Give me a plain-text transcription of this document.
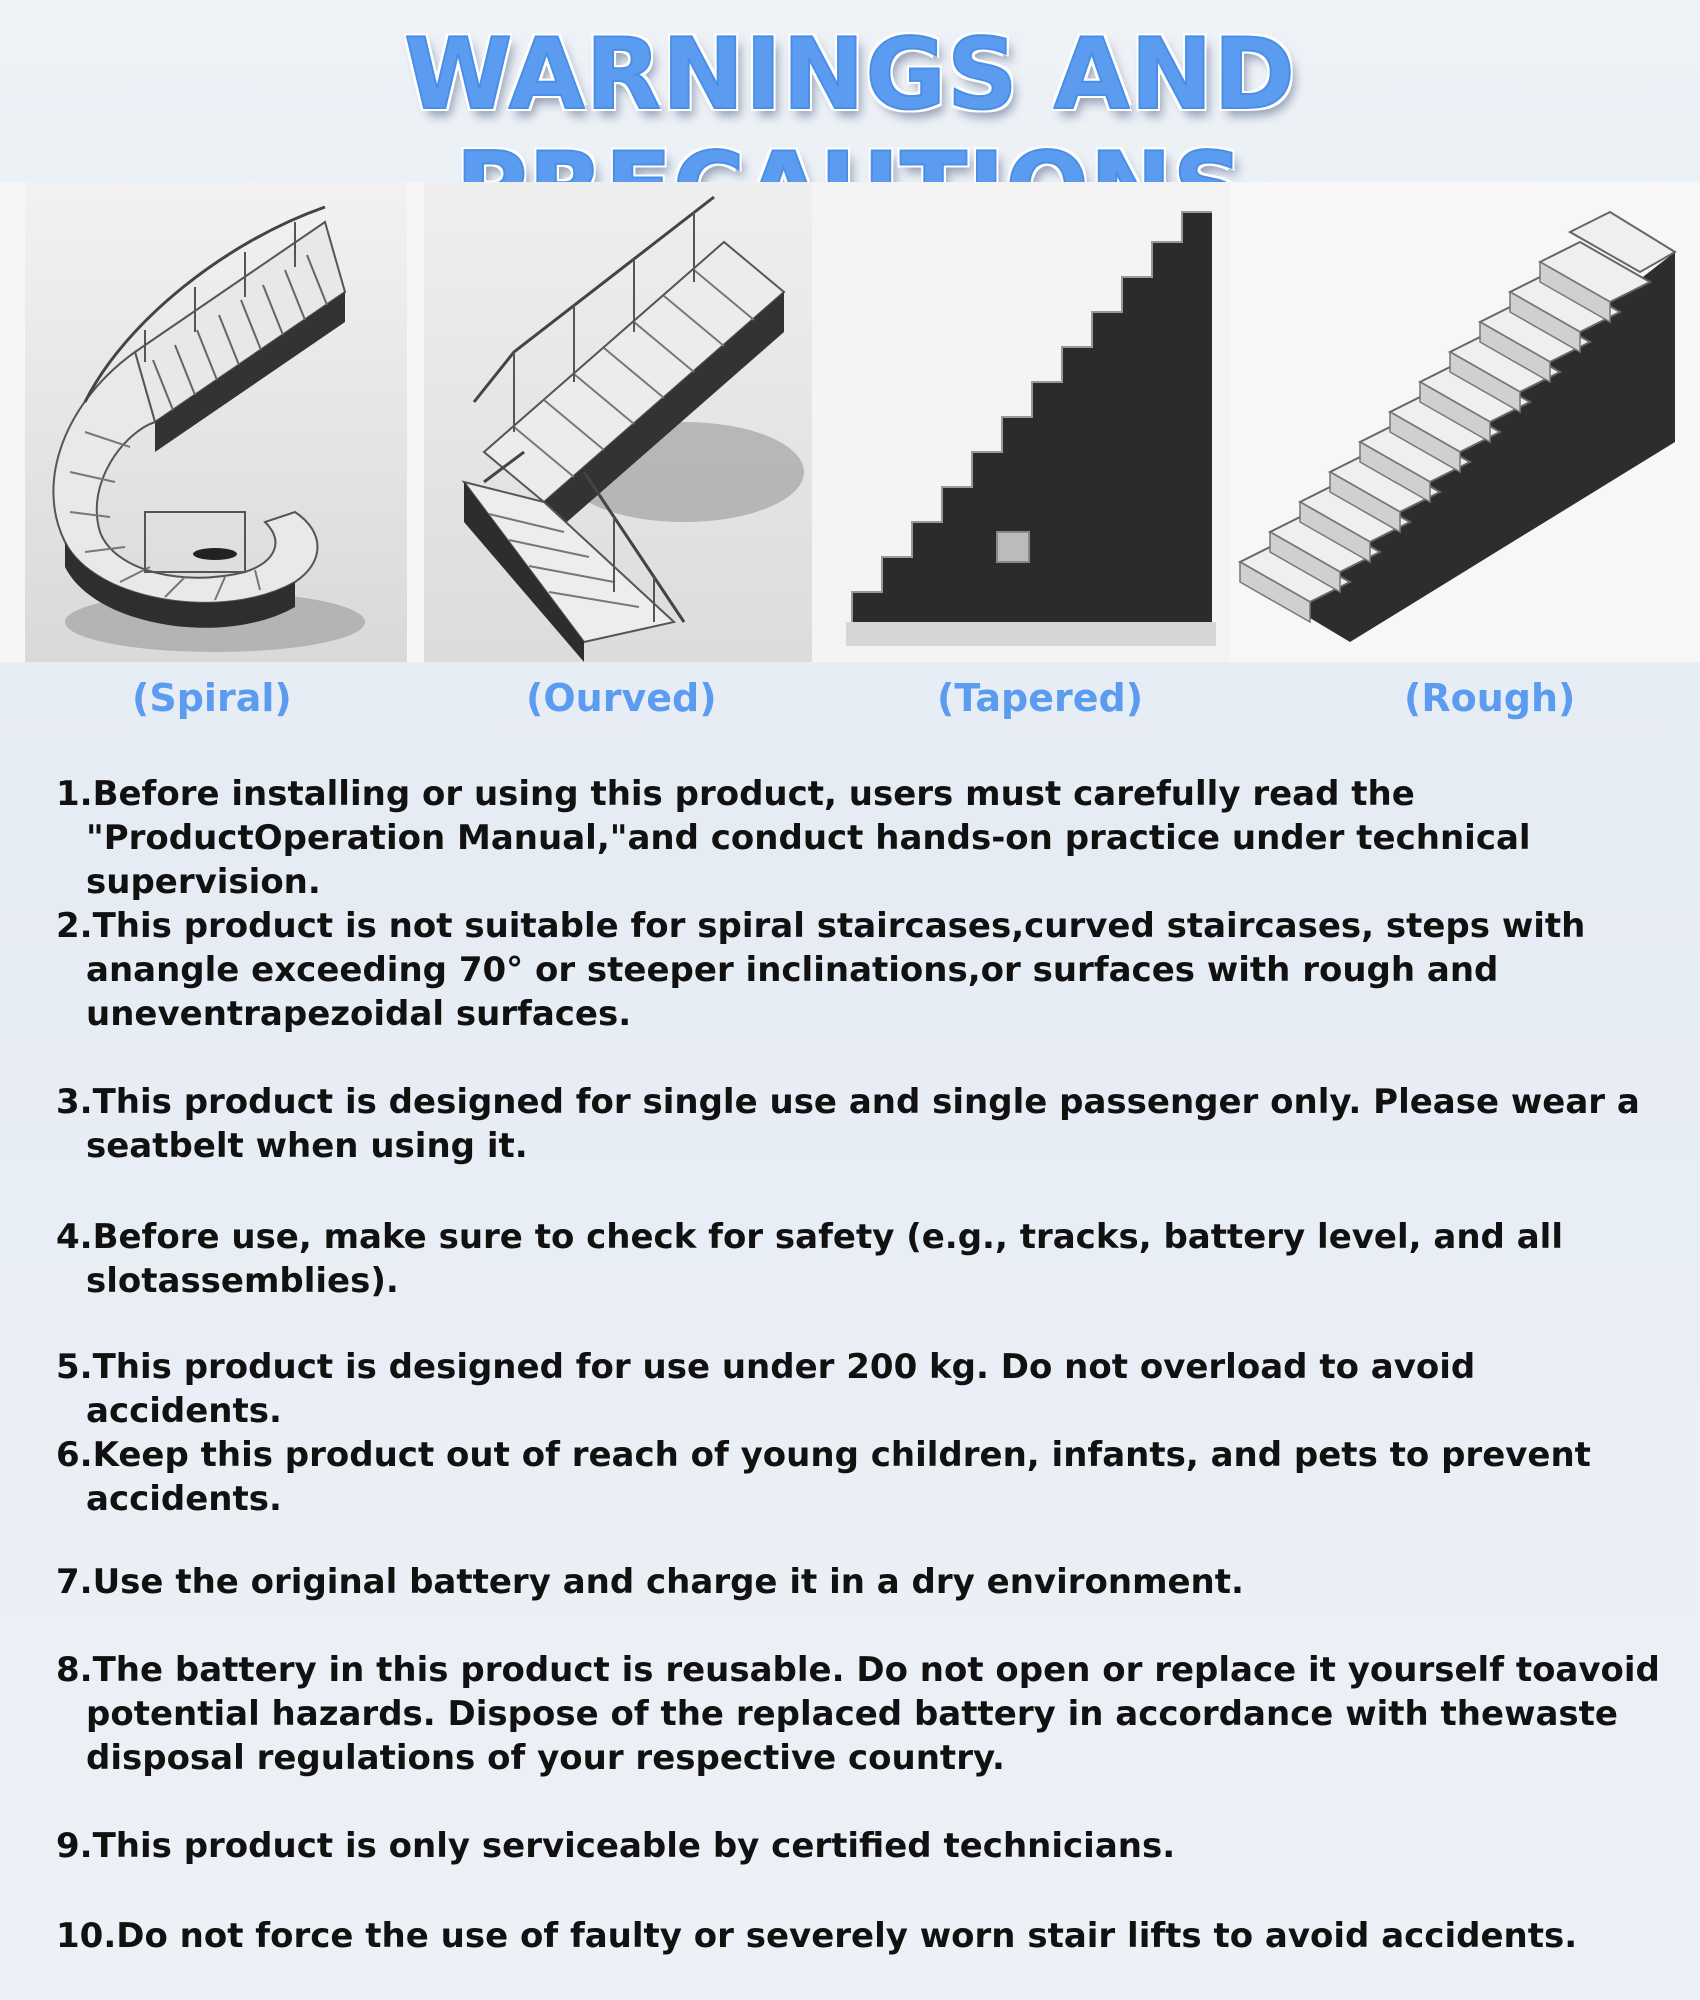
WARNINGS AND
(Spiral)	(Ourved)	(Tapered)	(Rough)
1.Before installing or using this product, users must carefully read the "ProductOperation Manual,"and conduct hands-on practice under technical supervision.
2.This product is not suitable for spiral staircases,curved staircases, steps with anangle exceeding 70° or steeper inclinations,or surfaces with rough and uneventrapezoidal surfaces.
3.This product is designed for single use and single passenger only. Please wear a seatbelt when using it.
4.Before use, make sure to check for safety (e.g., tracks, battery level, and all slotassemblies).
5.This product is designed for use under 200 kg. Do not overload to avoid accidents.
6.Keep this product out of reach of young children, infants, and pets to prevent accidents.
7.Use the original battery and charge it in a dry environment.
8.The battery in this product is reusable. Do not open or replace it yourself toavoid potential hazards. Dispose of the replaced battery in accordance with thewaste disposal regulations of your respective country.
9.This product is only serviceable by certified technicians.
10.Do not force the use of faulty or severely worn stair lifts to avoid accidents.
